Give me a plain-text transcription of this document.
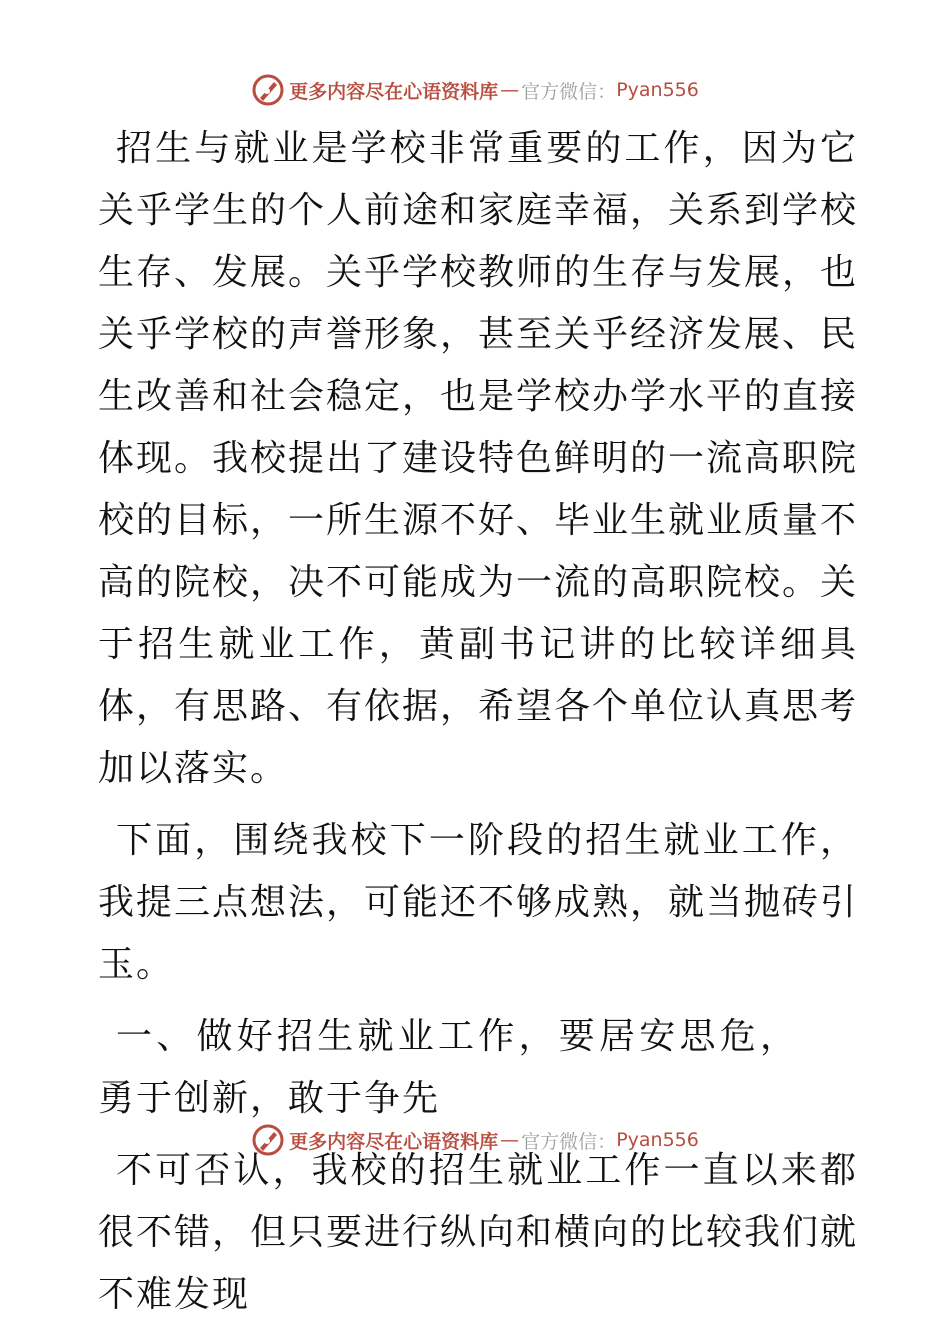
更多内容尽在心语资料库 — 官方微信： Pyan556

招生与就业是学校非常重要的工作，因为它关乎学生的个人前途和家庭幸福，关系到学校生存、发展。关乎学校教师的生存与发展，也关乎学校的声誉形象，甚至关乎经济发展、民生改善和社会稳定，也是学校办学水平的直接体现。我校提出了建设特色鲜明的一流高职院校的目标，一所生源不好、毕业生就业质量不高的院校，决不可能成为一流的高职院校。关于招生就业工作，黄副书记讲的比较详细具体，有思路、有依据，希望各个单位认真思考加以落实。

下面，围绕我校下一阶段的招生就业工作，我提三点想法，可能还不够成熟，就当抛砖引玉。

一、做好招生就业工作，要居安思危，勇于创新，敢于争先

不可否认，我校的招生就业工作一直以来都很不错，但只要进行纵向和横向的比较我们就不难发现

更多内容尽在心语资料库 — 官方微信： Pyan556
